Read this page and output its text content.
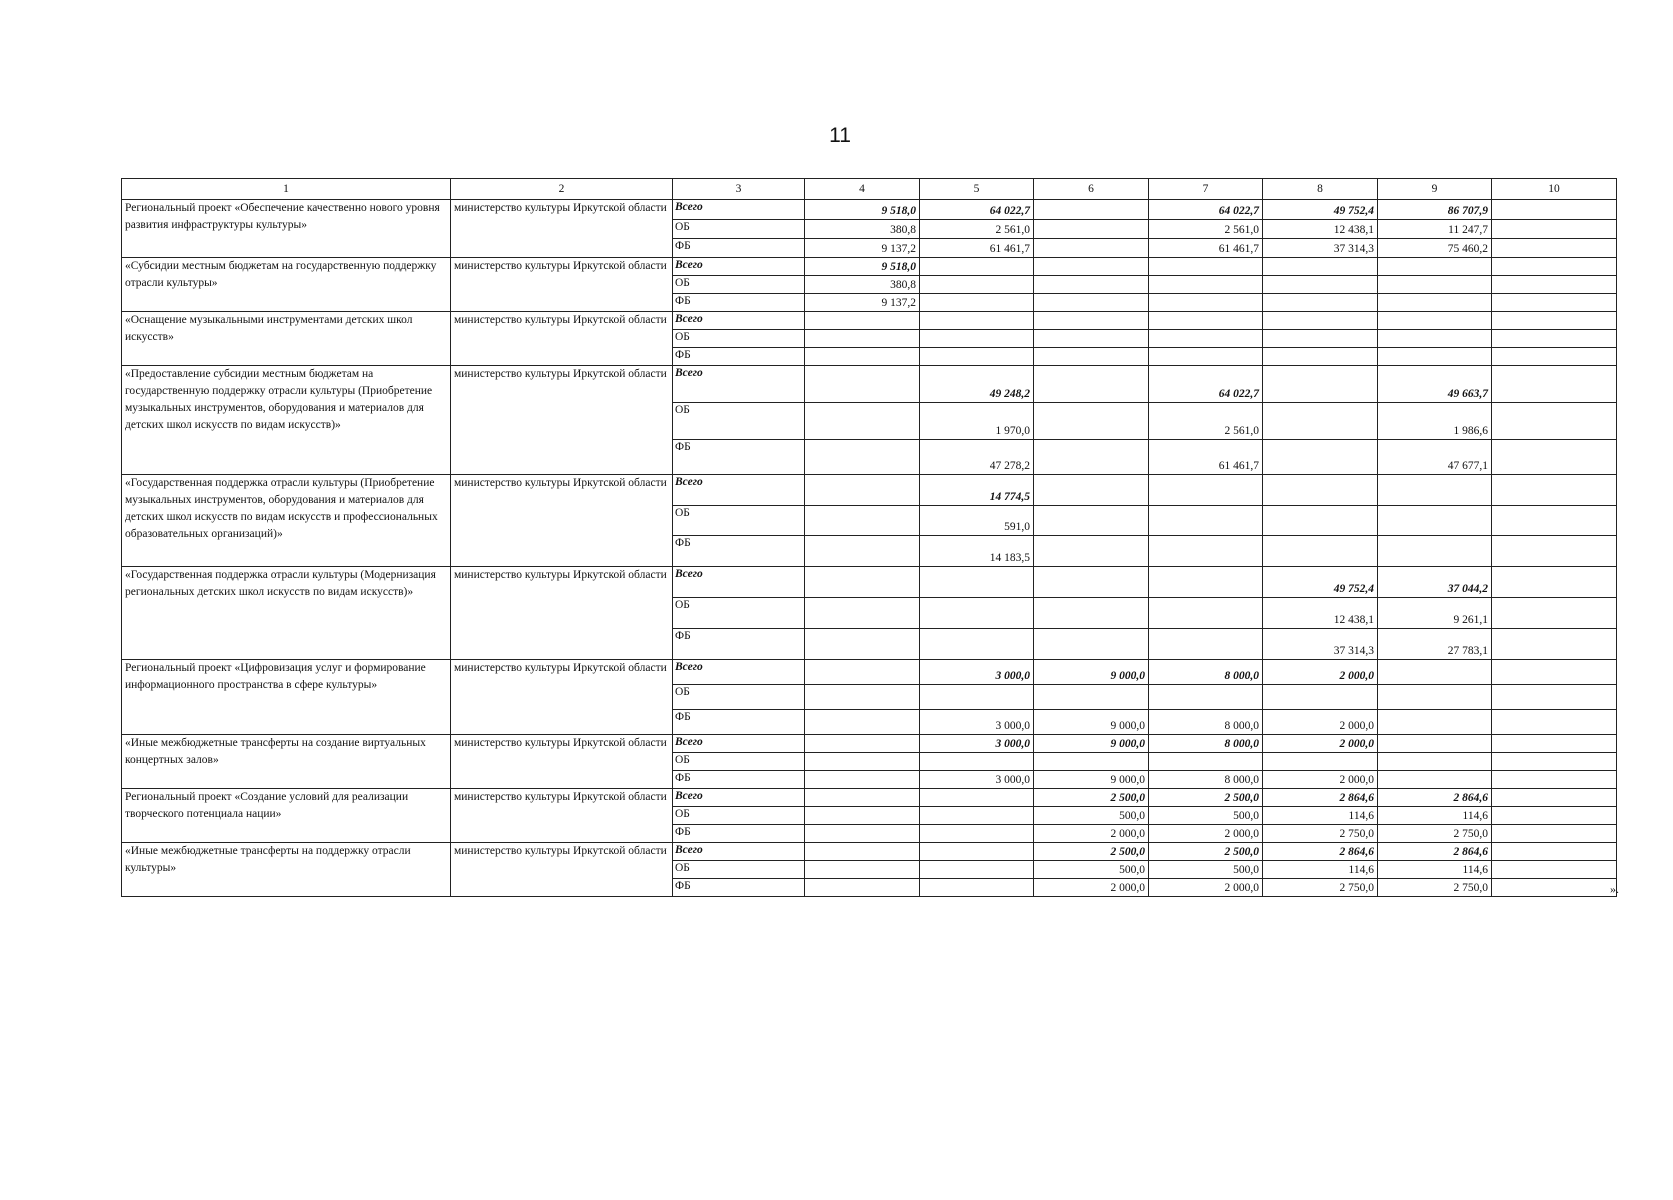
11
1	2	3	4	5	6	7	8	9	10
Региональный проект «Обеспечение качественно нового уровня развития инфраструктуры культуры»	министерство культуры Иркутской области	Всего	9 518,0	64 022,7		64 022,7	49 752,4	86 707,9	
		ОБ	380,8	2 561,0		2 561,0	12 438,1	11 247,7	
		ФБ	9 137,2	61 461,7		61 461,7	37 314,3	75 460,2	
«Субсидии местным бюджетам на государственную поддержку отрасли культуры»	министерство культуры Иркутской области	Всего	9 518,0						
		ОБ	380,8						
		ФБ	9 137,2						
«Оснащение музыкальными инструментами детских школ искусств»	министерство культуры Иркутской области	Всего							
		ОБ							
		ФБ							
«Предоставление субсидии местным бюджетам на государственную поддержку отрасли культуры (Приобретение музыкальных инструментов, оборудования и материалов для детских школ искусств по видам искусств)»	министерство культуры Иркутской области	Всего		49 248,2		64 022,7		49 663,7	
		ОБ		1 970,0		2 561,0		1 986,6	
		ФБ		47 278,2		61 461,7		47 677,1	
«Государственная поддержка отрасли культуры (Приобретение музыкальных инструментов, оборудования и материалов для детских школ искусств по видам искусств и профессиональных образовательных организаций)»	министерство культуры Иркутской области	Всего		14 774,5					
		ОБ		591,0					
		ФБ		14 183,5					
«Государственная поддержка отрасли культуры (Модернизация региональных детских школ искусств по видам искусств)»	министерство культуры Иркутской области	Всего					49 752,4	37 044,2	
		ОБ					12 438,1	9 261,1	
		ФБ					37 314,3	27 783,1	
Региональный проект «Цифровизация услуг и формирование информационного пространства в сфере культуры»	министерство культуры Иркутской области	Всего		3 000,0	9 000,0	8 000,0	2 000,0		
		ОБ							
		ФБ		3 000,0	9 000,0	8 000,0	2 000,0		
«Иные межбюджетные трансферты на создание виртуальных концертных залов»	министерство культуры Иркутской области	Всего		3 000,0	9 000,0	8 000,0	2 000,0		
		ОБ							
		ФБ		3 000,0	9 000,0	8 000,0	2 000,0		
Региональный проект «Создание условий для реализации творческого потенциала нации»	министерство культуры Иркутской области	Всего			2 500,0	2 500,0	2 864,6	2 864,6	
		ОБ			500,0	500,0	114,6	114,6	
		ФБ			2 000,0	2 000,0	2 750,0	2 750,0	
«Иные межбюджетные трансферты на поддержку отрасли культуры»	министерство культуры Иркутской области	Всего			2 500,0	2 500,0	2 864,6	2 864,6	
		ОБ			500,0	500,0	114,6	114,6	
		ФБ			2 000,0	2 000,0	2 750,0	2 750,0		».
